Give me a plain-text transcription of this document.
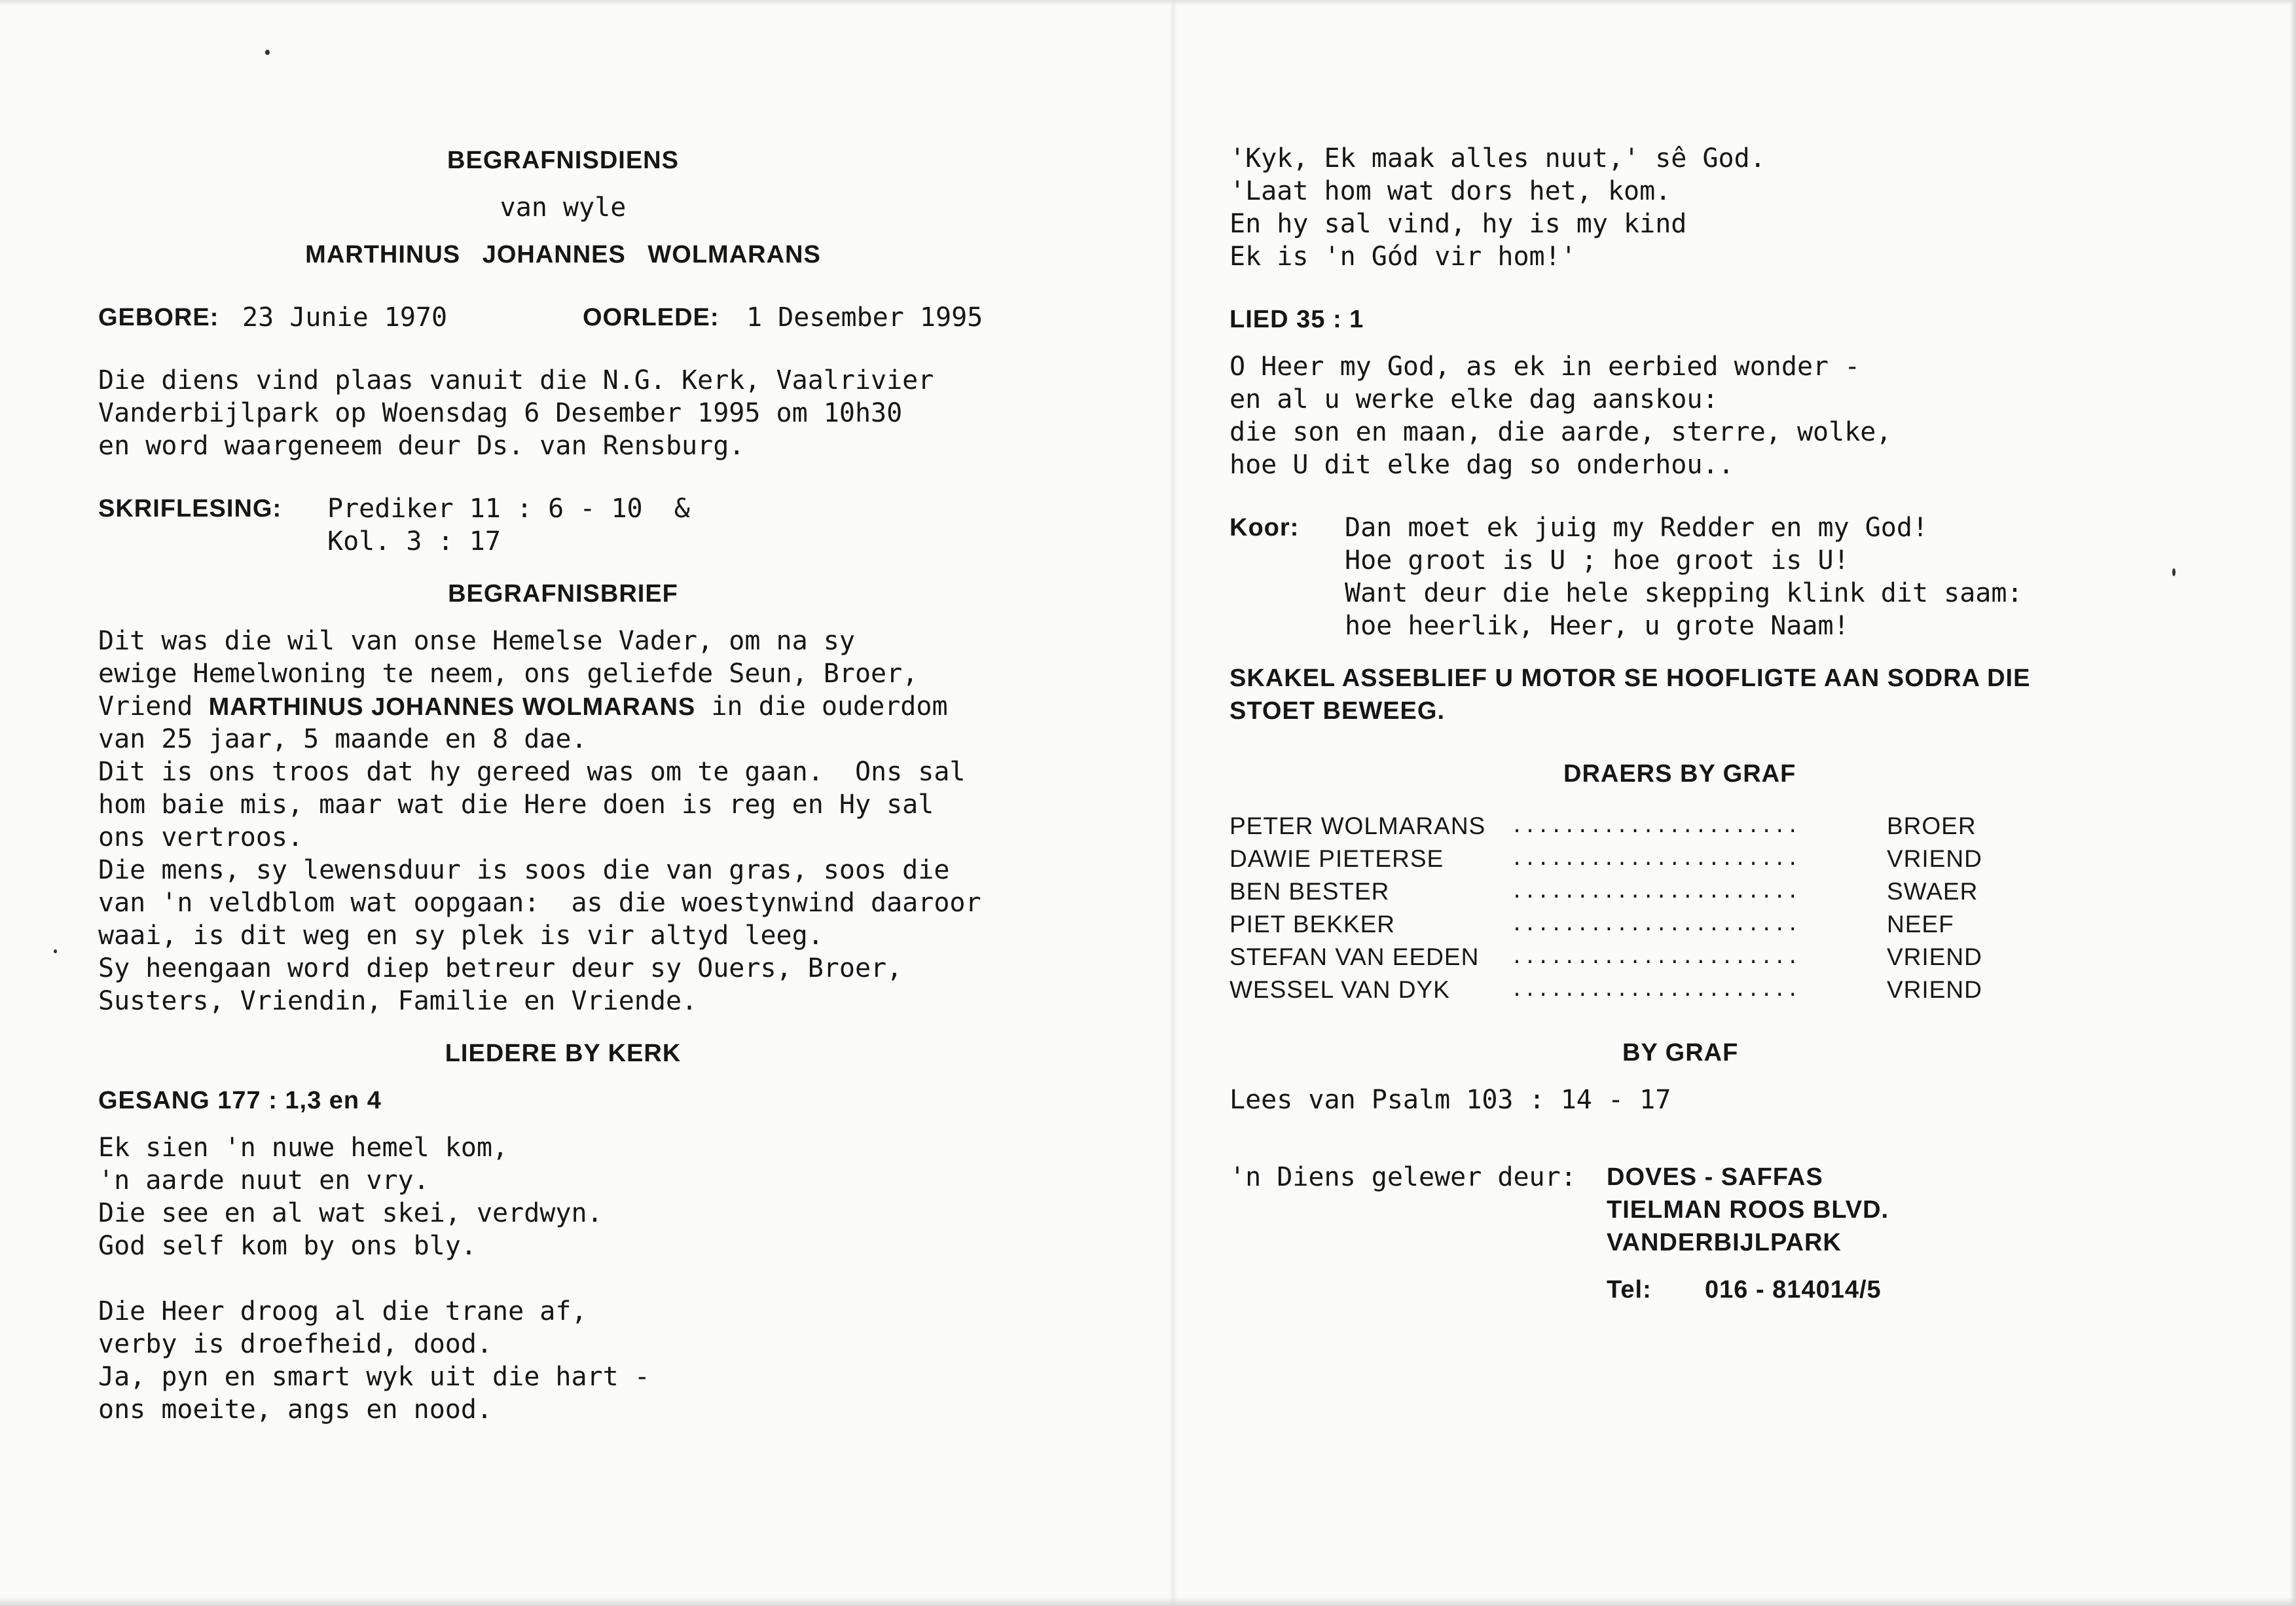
BEGRAFNISDIENS
van wyle
MARTHINUS JOHANNES WOLMARANS
GEBORE: 23 Junie 1970	OORLEDE:	1 Desember 1995
Die diens vind plaas vanuit die N.G. Kerk, Vaalrivier
Vanderbijlpark op Woensdag 6 Desember 1995 om 10h30
en word waargeneem deur Ds. van Rensburg.
SKRIFLESING:	Prediker 11 : 6 - 10  &
Kol. 3 : 17
BEGRAFNISBRIEF
Dit was die wil van onse Hemelse Vader, om na sy
ewige Hemelwoning te neem, ons geliefde Seun, Broer,
Vriend MARTHINUS JOHANNES WOLMARANS in die ouderdom
van 25 jaar, 5 maande en 8 dae.
Dit is ons troos dat hy gereed was om te gaan.  Ons sal
hom baie mis, maar wat die Here doen is reg en Hy sal
ons vertroos.
Die mens, sy lewensduur is soos die van gras, soos die
van 'n veldblom wat oopgaan:  as die woestynwind daaroor
waai, is dit weg en sy plek is vir altyd leeg.
Sy heengaan word diep betreur deur sy Ouers, Broer,
Susters, Vriendin, Familie en Vriende.
LIEDERE BY KERK
GESANG 177 : 1,3 en 4
Ek sien 'n nuwe hemel kom,
'n aarde nuut en vry.
Die see en al wat skei, verdwyn.
God self kom by ons bly.
Die Heer droog al die trane af,
verby is droefheid, dood.
Ja, pyn en smart wyk uit die hart -
ons moeite, angs en nood.
'Kyk, Ek maak alles nuut,' sê God.
'Laat hom wat dors het, kom.
En hy sal vind, hy is my kind
Ek is 'n Gód vir hom!'
LIED 35 : 1
O Heer my God, as ek in eerbied wonder -
en al u werke elke dag aanskou:
die son en maan, die aarde, sterre, wolke,
hoe U dit elke dag so onderhou..
Koor:	Dan moet ek juig my Redder en my God!
Hoe groot is U ; hoe groot is U!
Want deur die hele skepping klink dit saam:
hoe heerlik, Heer, u grote Naam!
SKAKEL ASSEBLIEF U MOTOR SE HOOFLIGTE AAN SODRA DIE
STOET BEWEEG.
DRAERS BY GRAF
PETER WOLMARANS	......................	BROER
DAWIE PIETERSE	......................	VRIEND
BEN BESTER	......................	SWAER
PIET BEKKER	......................	NEEF
STEFAN VAN EEDEN	......................	VRIEND
WESSEL VAN DYK	......................	VRIEND
BY GRAF
Lees van Psalm 103 : 14 - 17
'n Diens gelewer deur:	DOVES - SAFFAS
TIELMAN ROOS BLVD.
VANDERBIJLPARK
Tel:	016 - 814014/5
